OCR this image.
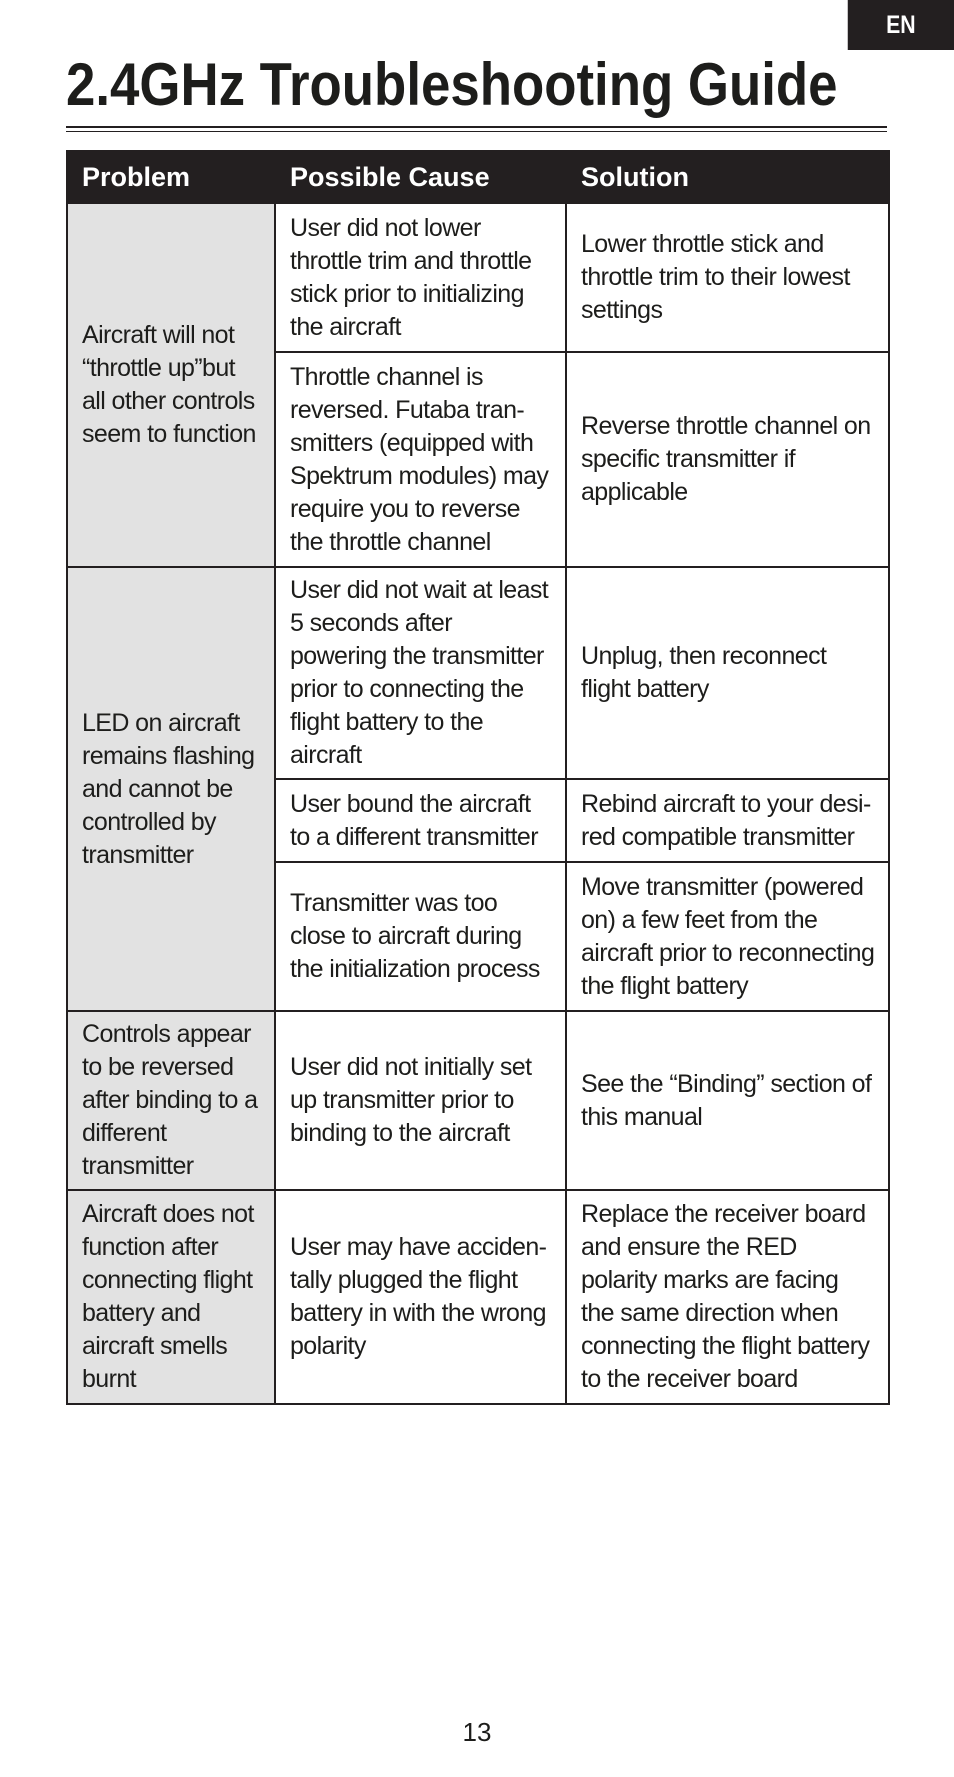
EN
2.4GHz Troubleshooting Guide
Problem	Possible Cause	Solution
Aircraft will not “throttle up”but all other controls seem to function	User did not lower throttle trim and throttle stick prior to initializing the aircraft	Lower throttle stick and throttle trim to their lowest settings
	Throttle channel is reversed. Futaba tran-smitters (equipped with Spektrum modules) may require you to reverse the throttle channel	Reverse throttle channel on specific transmitter if applicable
LED on aircraft remains flashing and cannot be controlled by transmitter	User did not wait at least 5 seconds after powering the transmitter prior to connecting the flight battery to the aircraft	Unplug, then reconnect flight battery
	User bound the aircraft to a different transmitter	Rebind aircraft to your desi-red compatible transmitter
	Transmitter was too close to aircraft during the initialization process	Move transmitter (powered on) a few feet from the aircraft prior to reconnecting the flight battery
Controls appear to be reversed after binding to a different transmitter	User did not initially set up transmitter prior to binding to the aircraft	See the “Binding” section of this manual
Aircraft does not function after connecting flight battery and aircraft smells burnt	User may have acciden-tally plugged the flight battery in with the wrong polarity	Replace the receiver board and ensure the RED polarity marks are facing the same direction when connecting the flight battery to the receiver board
13
